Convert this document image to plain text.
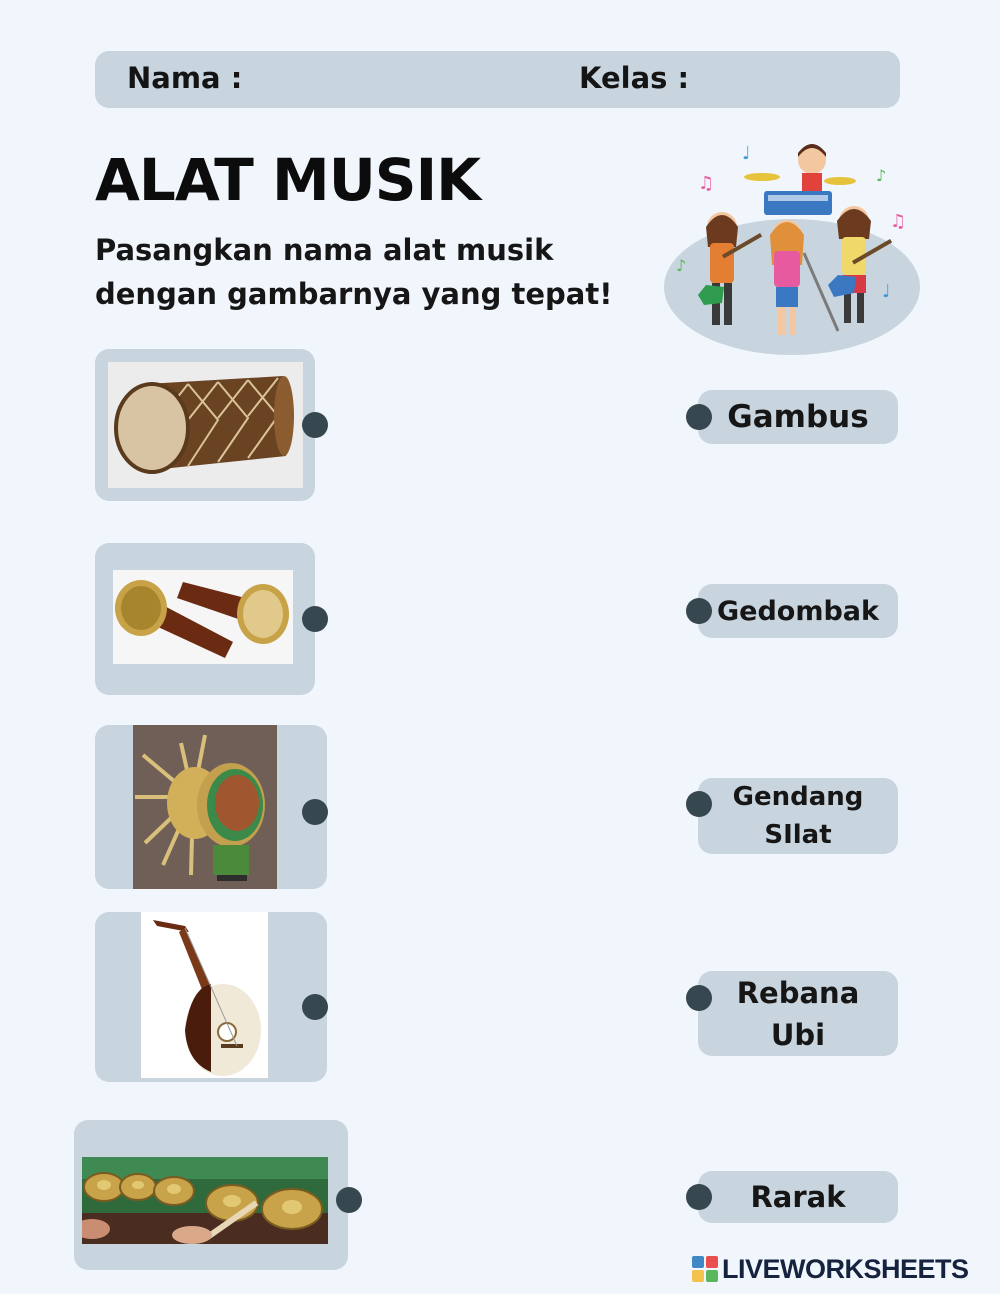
Nama :	Kelas :
ALAT MUSIK
Pasangkan nama alat musik
dengan gambarnya yang tepat!
♫
♩
♪
♫
♪
♩
Gambus
Gedombak
Gendang
SIlat
Rebana
Ubi
Rarak
LIVEWORKSHEETS
